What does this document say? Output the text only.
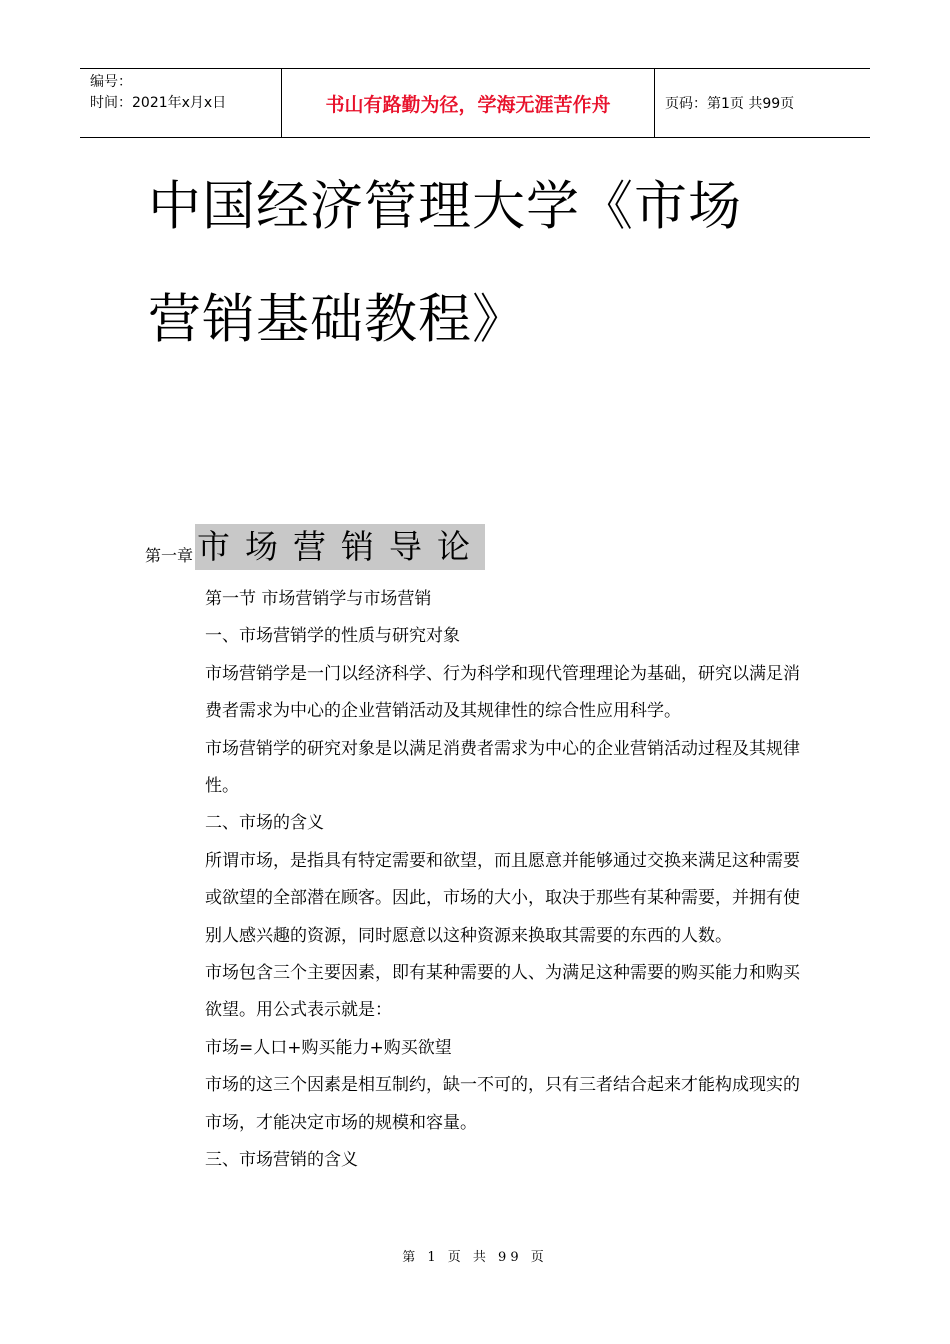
编号：
时间：2021年x月x日	书山有路勤为径，学海无涯苦作舟	页码：第1页 共99页
中国经济管理大学《市场
营销基础教程》
第一章 市场营销导论

第一节 市场营销学与市场营销

一、市场营销学的性质与研究对象

市场营销学是一门以经济科学、行为科学和现代管理理论为基础，研究以满足消费者需求为中心的企业营销活动及其规律性的综合性应用科学。

市场营销学的研究对象是以满足消费者需求为中心的企业营销活动过程及其规律性。

二、市场的含义

所谓市场，是指具有特定需要和欲望，而且愿意并能够通过交换来满足这种需要或欲望的全部潜在顾客。因此，市场的大小，取决于那些有某种需要，并拥有使别人感兴趣的资源，同时愿意以这种资源来换取其需要的东西的人数。

市场包含三个主要因素，即有某种需要的人、为满足这种需要的购买能力和购买欲望。用公式表示就是：

市场=人口+购买能力+购买欲望

市场的这三个因素是相互制约，缺一不可的，只有三者结合起来才能构成现实的市场，才能决定市场的规模和容量。

三、市场营销的含义

第 1 页 共 99 页
